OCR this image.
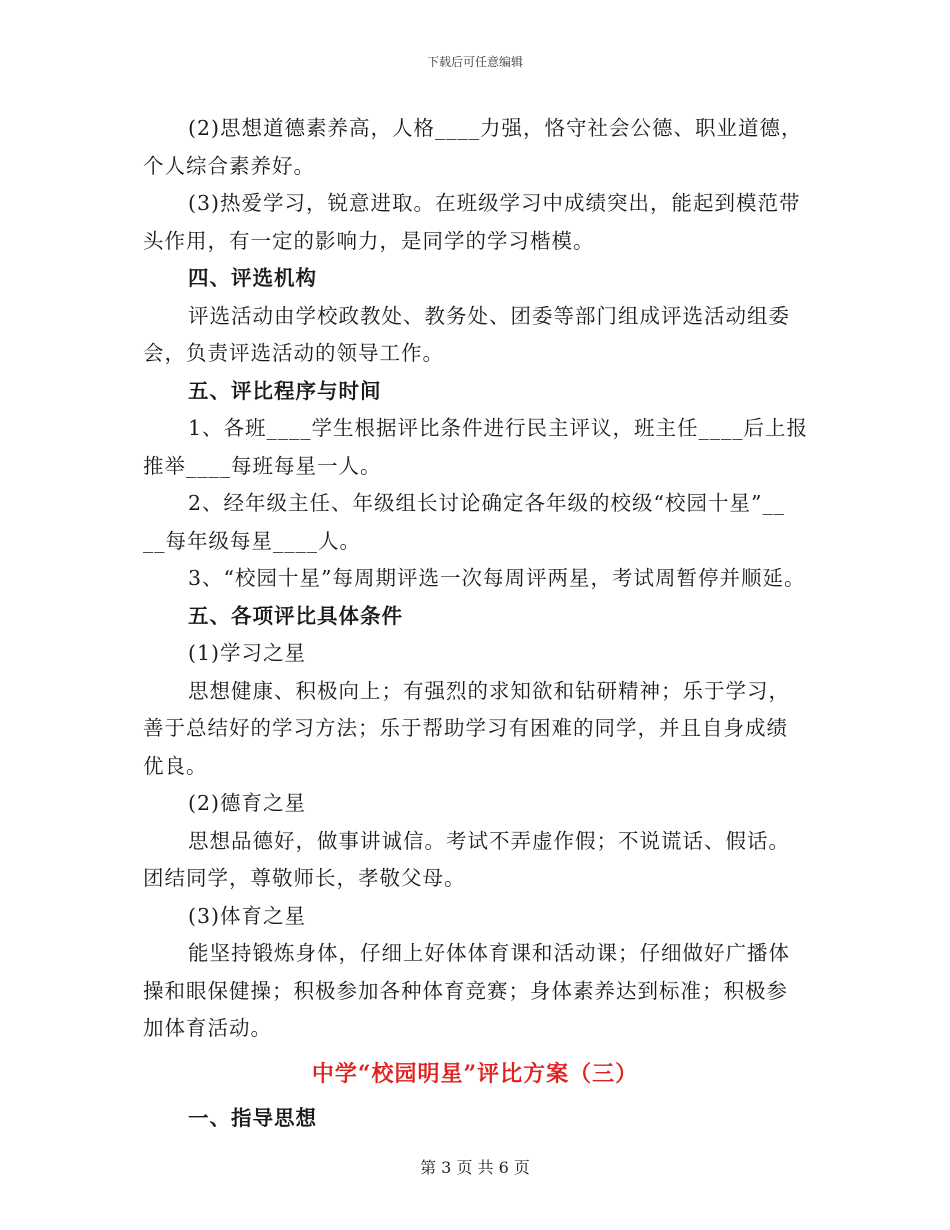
下载后可任意编辑
(2)思想道德素养高，人格____力强，恪守社会公德、职业道德，
个人综合素养好。
(3)热爱学习，锐意进取。在班级学习中成绩突出，能起到模范带
头作用，有一定的影响力，是同学的学习楷模。
四、评选机构
评选活动由学校政教处、教务处、团委等部门组成评选活动组委
会，负责评选活动的领导工作。
五、评比程序与时间
1、各班____学生根据评比条件进行民主评议，班主任____后上报
推举____每班每星一人。
2、经年级主任、年级组长讨论确定各年级的校级“校园十星”__
__每年级每星____人。
3、“校园十星”每周期评选一次每周评两星，考试周暂停并顺延。
五、各项评比具体条件
(1)学习之星
思想健康、积极向上；有强烈的求知欲和钻研精神；乐于学习，
善于总结好的学习方法；乐于帮助学习有困难的同学，并且自身成绩
优良。
(2)德育之星
思想品德好，做事讲诚信。考试不弄虚作假；不说谎话、假话。
团结同学，尊敬师长，孝敬父母。
(3)体育之星
能坚持锻炼身体，仔细上好体体育课和活动课；仔细做好广播体
操和眼保健操；积极参加各种体育竞赛；身体素养达到标准；积极参
加体育活动。
中学“校园明星”评比方案（三）
一、指导思想
第 3 页 共 6 页
